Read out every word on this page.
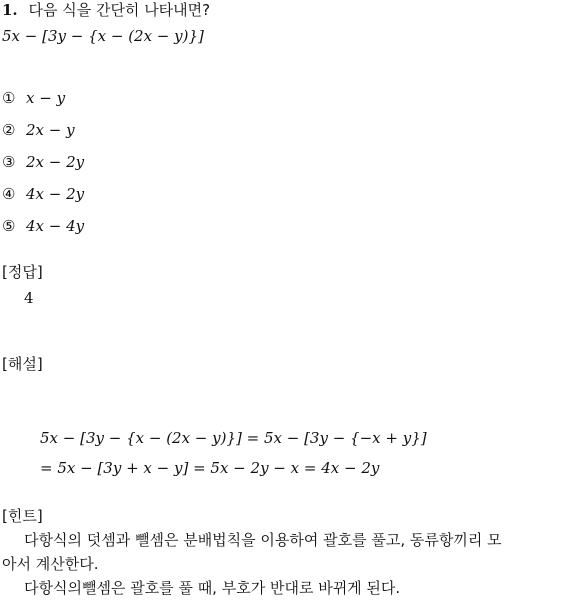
1. 다음 식을 간단히 나타내면?
5x − [3y − {x − (2x − y)}]
① x − y
② 2x − y
③ 2x − 2y
④ 4x − 2y
⑤ 4x − 4y
[정답]
4
[해설]
5x − [3y − {x − (2x − y)}] = 5x − [3y − {−x + y}]
= 5x − [3y + x − y] = 5x − 2y − x = 4x − 2y
[힌트]
다항식의 덧셈과 뺄셈은 분배법칙을 이용하여 괄호를 풀고, 동류항끼리 모
아서 계산한다.
다항식의뺄셈은 괄호를 풀 때, 부호가 반대로 바뀌게 된다.
